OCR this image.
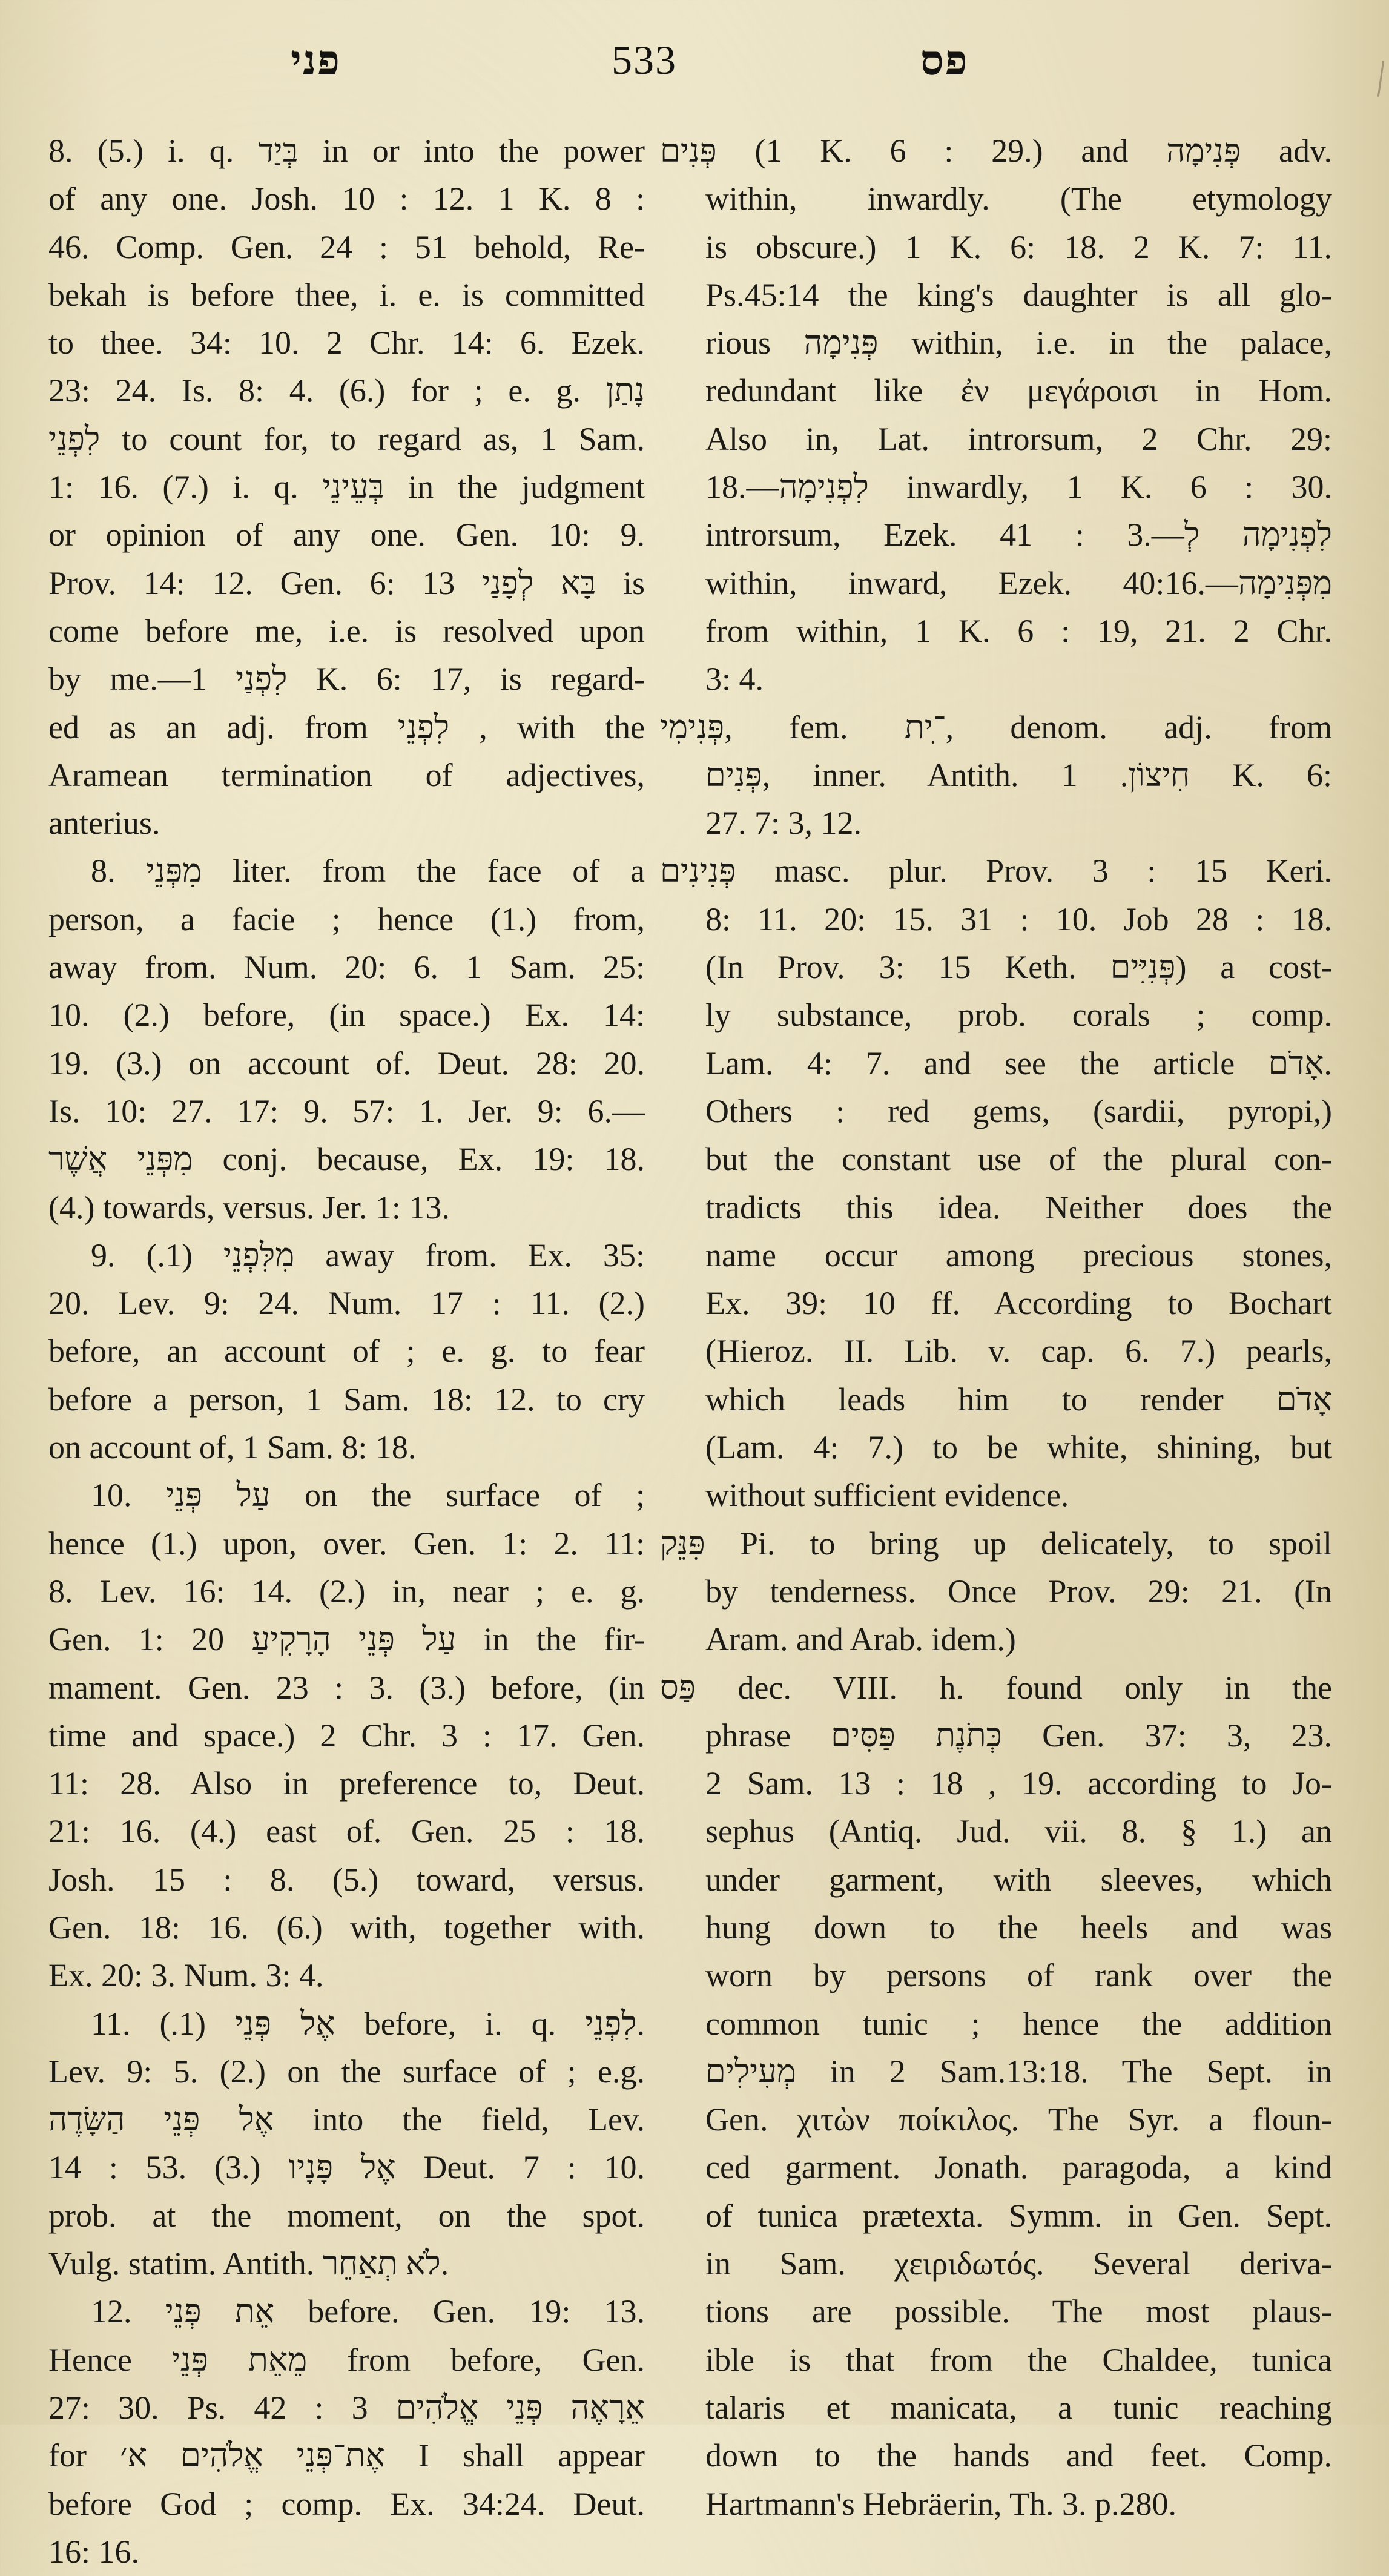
פני	533	פס
8. (5.) i. q. בְּיַד in or into the power
of any one. Josh. 10 : 12. 1 K. 8 :
46. Comp. Gen. 24 : 51 behold, Re-
bekah is before thee, i. e. is committed
to thee. 34: 10. 2 Chr. 14: 6. Ezek.
23: 24. Is. 8: 4. (6.) for ; e. g. נָתַן
לִפְנֵי to count for, to regard as, 1 Sam.
1: 16. (7.) i. q. בְּעֵינֵי in the judgment
or opinion of any one. Gen. 10: 9.
Prov. 14: 12. Gen. 6: 13 בָּא לְפָנַי is
come before me, i.e. is resolved upon
by me.—לִפְנַי 1 K. 6: 17, is regard-
ed as an adj. from לִפְנֵי , with the
Aramean termination of adjectives,
anterius.
8. מִפְּנֵי liter. from the face of a
person, a facie ; hence (1.) from,
away from. Num. 20: 6. 1 Sam. 25:
10. (2.) before, (in space.) Ex. 14:
19. (3.) on account of. Deut. 28: 20.
Is. 10: 27. 17: 9. 57: 1. Jer. 9: 6.—
מִפְּנֵי אֲשֶׁר conj. because, Ex. 19: 18.
(4.) towards, versus. Jer. 1: 13.
9. מִלִּפְנֵי (1.) away from. Ex. 35:
20. Lev. 9: 24. Num. 17 : 11. (2.)
before, an account of ; e. g. to fear
before a person, 1 Sam. 18: 12. to cry
on account of, 1 Sam. 8: 18.
10. עַל פְּנֵי on the surface of ;
hence (1.) upon, over. Gen. 1: 2. 11:
8. Lev. 16: 14. (2.) in, near ; e. g.
Gen. 1: 20 עַל פְּנֵי הָרָקִיעַ in the fir-
mament. Gen. 23 : 3. (3.) before, (in
time and space.) 2 Chr. 3 : 17. Gen.
11: 28. Also in preference to, Deut.
21: 16. (4.) east of. Gen. 25 : 18.
Josh. 15 : 8. (5.) toward, versus.
Gen. 18: 16. (6.) with, together with.
Ex. 20: 3. Num. 3: 4.
11. אֶל פְּנֵי (1.) before, i. q. לִפְנֵי.
Lev. 9: 5. (2.) on the surface of ; e.g.
אֶל פְּנֵי הַשָּׂדֶה into the field, Lev.
14 : 53. (3.) אֶל פָּנָיו Deut. 7 : 10.
prob. at the moment, on the spot.
Vulg. statim. Antith. לֹא תְאַחֵר.
12. אֵת פְּנֵי before. Gen. 19: 13.
Hence מֵאֵת פְּנֵי from before, Gen.
27: 30. Ps. 42 : 3 אֵרָאֶה פְּנֵי אֱלֹהִים
for אֶת־פְּנֵי אֱלֹהִים א׳ I shall appear
before God ; comp. Ex. 34:24. Deut.
16: 16.
פְּנִים (1 K. 6 : 29.) and פְּנִימָה adv.
within, inwardly. (The etymology
is obscure.) 1 K. 6: 18. 2 K. 7: 11.
Ps.45:14 the king's daughter is all glo-
rious פְּנִימָה within, i.e. in the palace,
redundant like ἐν μεγάροισι in Hom.
Also in, Lat. introrsum, 2 Chr. 29:
18.—לִפְנִימָה inwardly, 1 K. 6 : 30.
introrsum, Ezek. 41 : 3.—לִפְנִימָה לְ
within, inward, Ezek. 40:16.—מִפְּנִימָה
from within, 1 K. 6 : 19, 21. 2 Chr.
3: 4.
פְּנִימִי, fem. ־ִית, denom. adj. from
פְּנִים, inner. Antith. חִיצוֹן. 1 K. 6:
27. 7: 3, 12.
פְּנִינִים masc. plur. Prov. 3 : 15 Keri.
8: 11. 20: 15. 31 : 10. Job 28 : 18.
(In Prov. 3: 15 Keth. פְּנִיִּים) a cost-
ly substance, prob. corals ; comp.
Lam. 4: 7. and see the article אָדֹם.
Others : red gems, (sardii, pyropi,)
but the constant use of the plural con-
tradicts this idea. Neither does the
name occur among precious stones,
Ex. 39: 10 ff. According to Bochart
(Hieroz. II. Lib. v. cap. 6. 7.) pearls,
which leads him to render אָדֹם
(Lam. 4: 7.) to be white, shining, but
without sufficient evidence.
פִּנֵּק Pi. to bring up delicately, to spoil
by tenderness. Once Prov. 29: 21. (In
Aram. and Arab. idem.)
פַּס dec. VIII. h. found only in the
phrase כְּתֹנֶת פַּסִּים Gen. 37: 3, 23.
2 Sam. 13 : 18 , 19. according to Jo-
sephus (Antiq. Jud. vii. 8. § 1.) an
under garment, with sleeves, which
hung down to the heels and was
worn by persons of rank over the
common tunic ; hence the addition
מְעִילִים in 2 Sam.13:18. The Sept. in
Gen. χιτὼν ποίκιλος. The Syr. a floun-
ced garment. Jonath. paragoda, a kind
of tunica prætexta. Symm. in Gen. Sept.
in Sam. χειριδωτός. Several deriva-
tions are possible. The most plaus-
ible is that from the Chaldee, tunica
talaris et manicata, a tunic reaching
down to the hands and feet. Comp.
Hartmann's Hebräerin, Th. 3. p.280.
